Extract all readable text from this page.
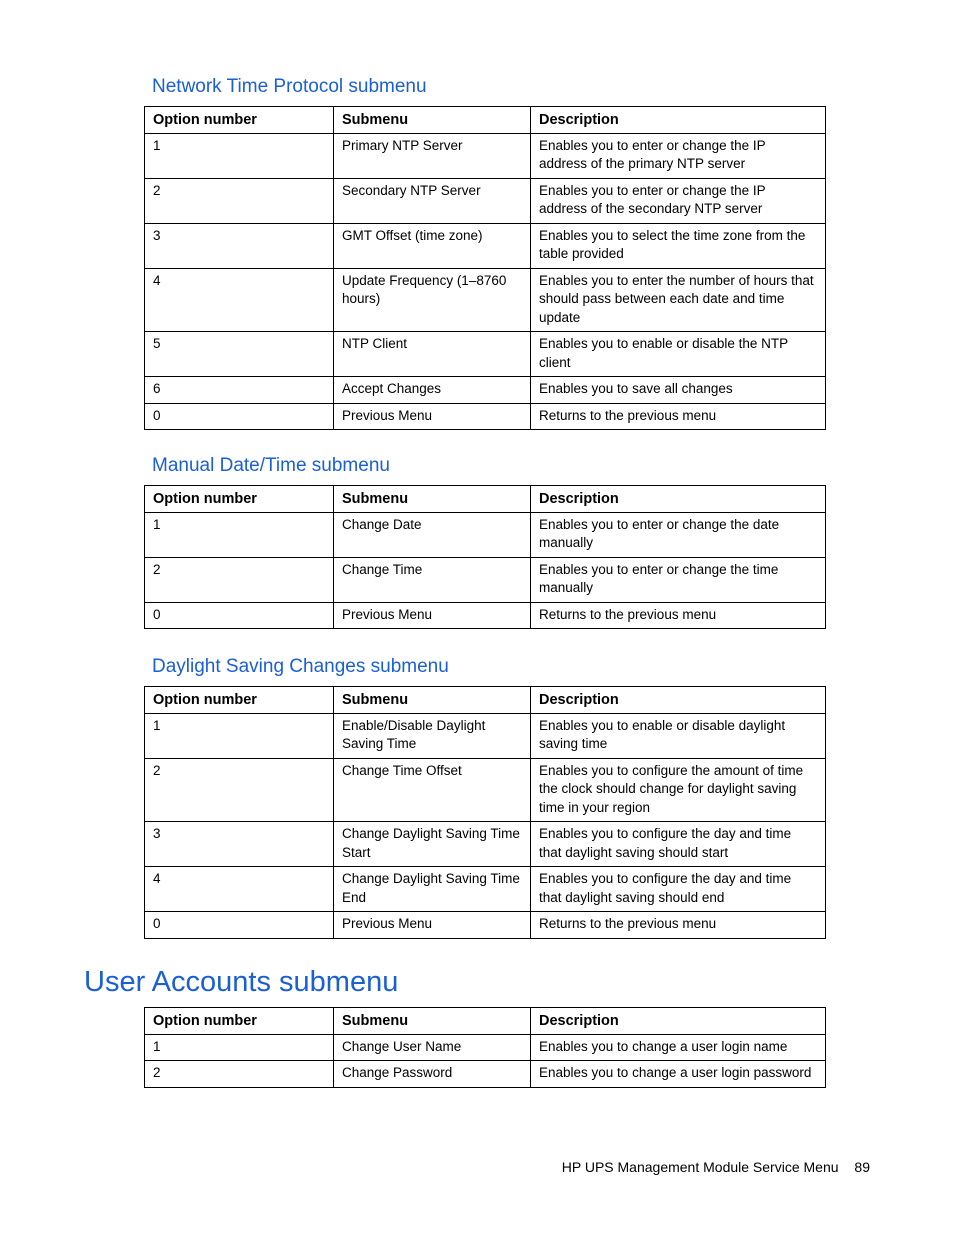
Network Time Protocol submenu
Option number	Submenu	Description
1	Primary NTP Server	Enables you to enter or change the IP address of the primary NTP server
2	Secondary NTP Server	Enables you to enter or change the IP address of the secondary NTP server
3	GMT Offset (time zone)	Enables you to select the time zone from the table provided
4	Update Frequency (1–8760 hours)	Enables you to enter the number of hours that should pass between each date and time update
5	NTP Client	Enables you to enable or disable the NTP client
6	Accept Changes	Enables you to save all changes
0	Previous Menu	Returns to the previous menu
Manual Date/Time submenu
Option number	Submenu	Description
1	Change Date	Enables you to enter or change the date manually
2	Change Time	Enables you to enter or change the time manually
0	Previous Menu	Returns to the previous menu
Daylight Saving Changes submenu
Option number	Submenu	Description
1	Enable/Disable Daylight Saving Time	Enables you to enable or disable daylight saving time
2	Change Time Offset	Enables you to configure the amount of time the clock should change for daylight saving time in your region
3	Change Daylight Saving Time Start	Enables you to configure the day and time that daylight saving should start
4	Change Daylight Saving Time End	Enables you to configure the day and time that daylight saving should end
0	Previous Menu	Returns to the previous menu
User Accounts submenu
Option number	Submenu	Description
1	Change User Name	Enables you to change a user login name
2	Change Password	Enables you to change a user login password
HP UPS Management Module Service Menu 89
